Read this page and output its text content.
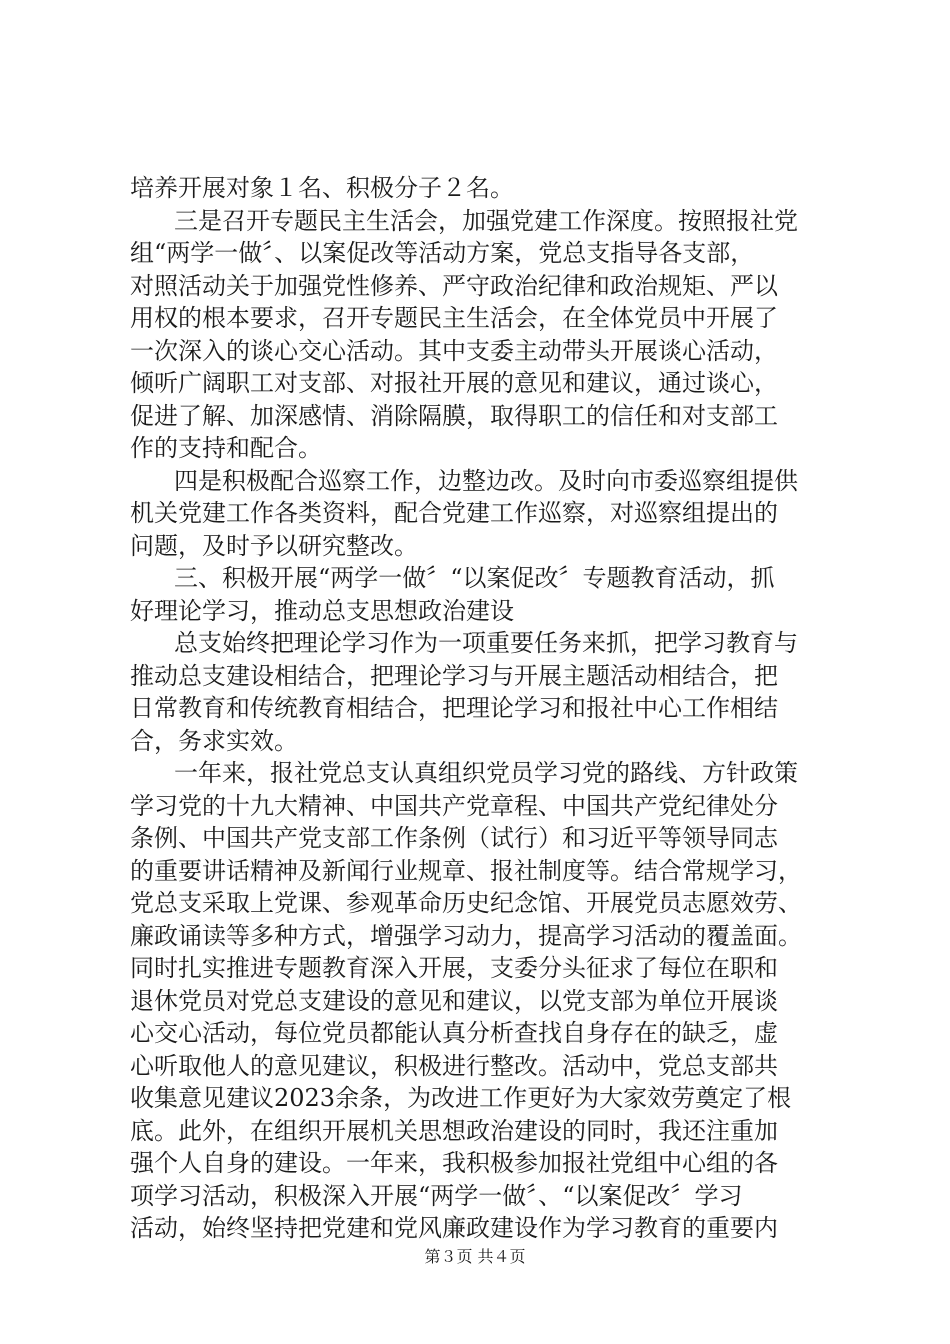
培养开展对象１名、积极分子２名。
三是召开专题民主生活会，加强党建工作深度。按照报社党
组“两学一做〞、以案促改等活动方案，党总支指导各支部，
对照活动关于加强党性修养、严守政治纪律和政治规矩、严以
用权的根本要求，召开专题民主生活会，在全体党员中开展了
一次深入的谈心交心活动。其中支委主动带头开展谈心活动，
倾听广阔职工对支部、对报社开展的意见和建议，通过谈心，
促进了解、加深感情、消除隔膜，取得职工的信任和对支部工
作的支持和配合。
四是积极配合巡察工作，边整边改。及时向市委巡察组提供
机关党建工作各类资料，配合党建工作巡察，对巡察组提出的
问题，及时予以研究整改。
三、积极开展“两学一做〞“以案促改〞专题教育活动，抓
好理论学习，推动总支思想政治建设
总支始终把理论学习作为一项重要任务来抓，把学习教育与
推动总支建设相结合，把理论学习与开展主题活动相结合，把
日常教育和传统教育相结合，把理论学习和报社中心工作相结
合，务求实效。
一年来，报社党总支认真组织党员学习党的路线、方针政策
学习党的十九大精神、中国共产党章程、中国共产党纪律处分
条例、中国共产党支部工作条例（试行）和习近平等领导同志
的重要讲话精神及新闻行业规章、报社制度等。结合常规学习，
党总支采取上党课、参观革命历史纪念馆、开展党员志愿效劳、
廉政诵读等多种方式，增强学习动力，提高学习活动的覆盖面。
同时扎实推进专题教育深入开展，支委分头征求了每位在职和
退休党员对党总支建设的意见和建议，以党支部为单位开展谈
心交心活动，每位党员都能认真分析查找自身存在的缺乏，虚
心听取他人的意见建议，积极进行整改。活动中，党总支部共
收集意见建议2023余条，为改进工作更好为大家效劳奠定了根
底。此外，在组织开展机关思想政治建设的同时，我还注重加
强个人自身的建设。一年来，我积极参加报社党组中心组的各
项学习活动，积极深入开展“两学一做〞、“以案促改〞学习
活动，始终坚持把党建和党风廉政建设作为学习教育的重要内
第３页 共４页
